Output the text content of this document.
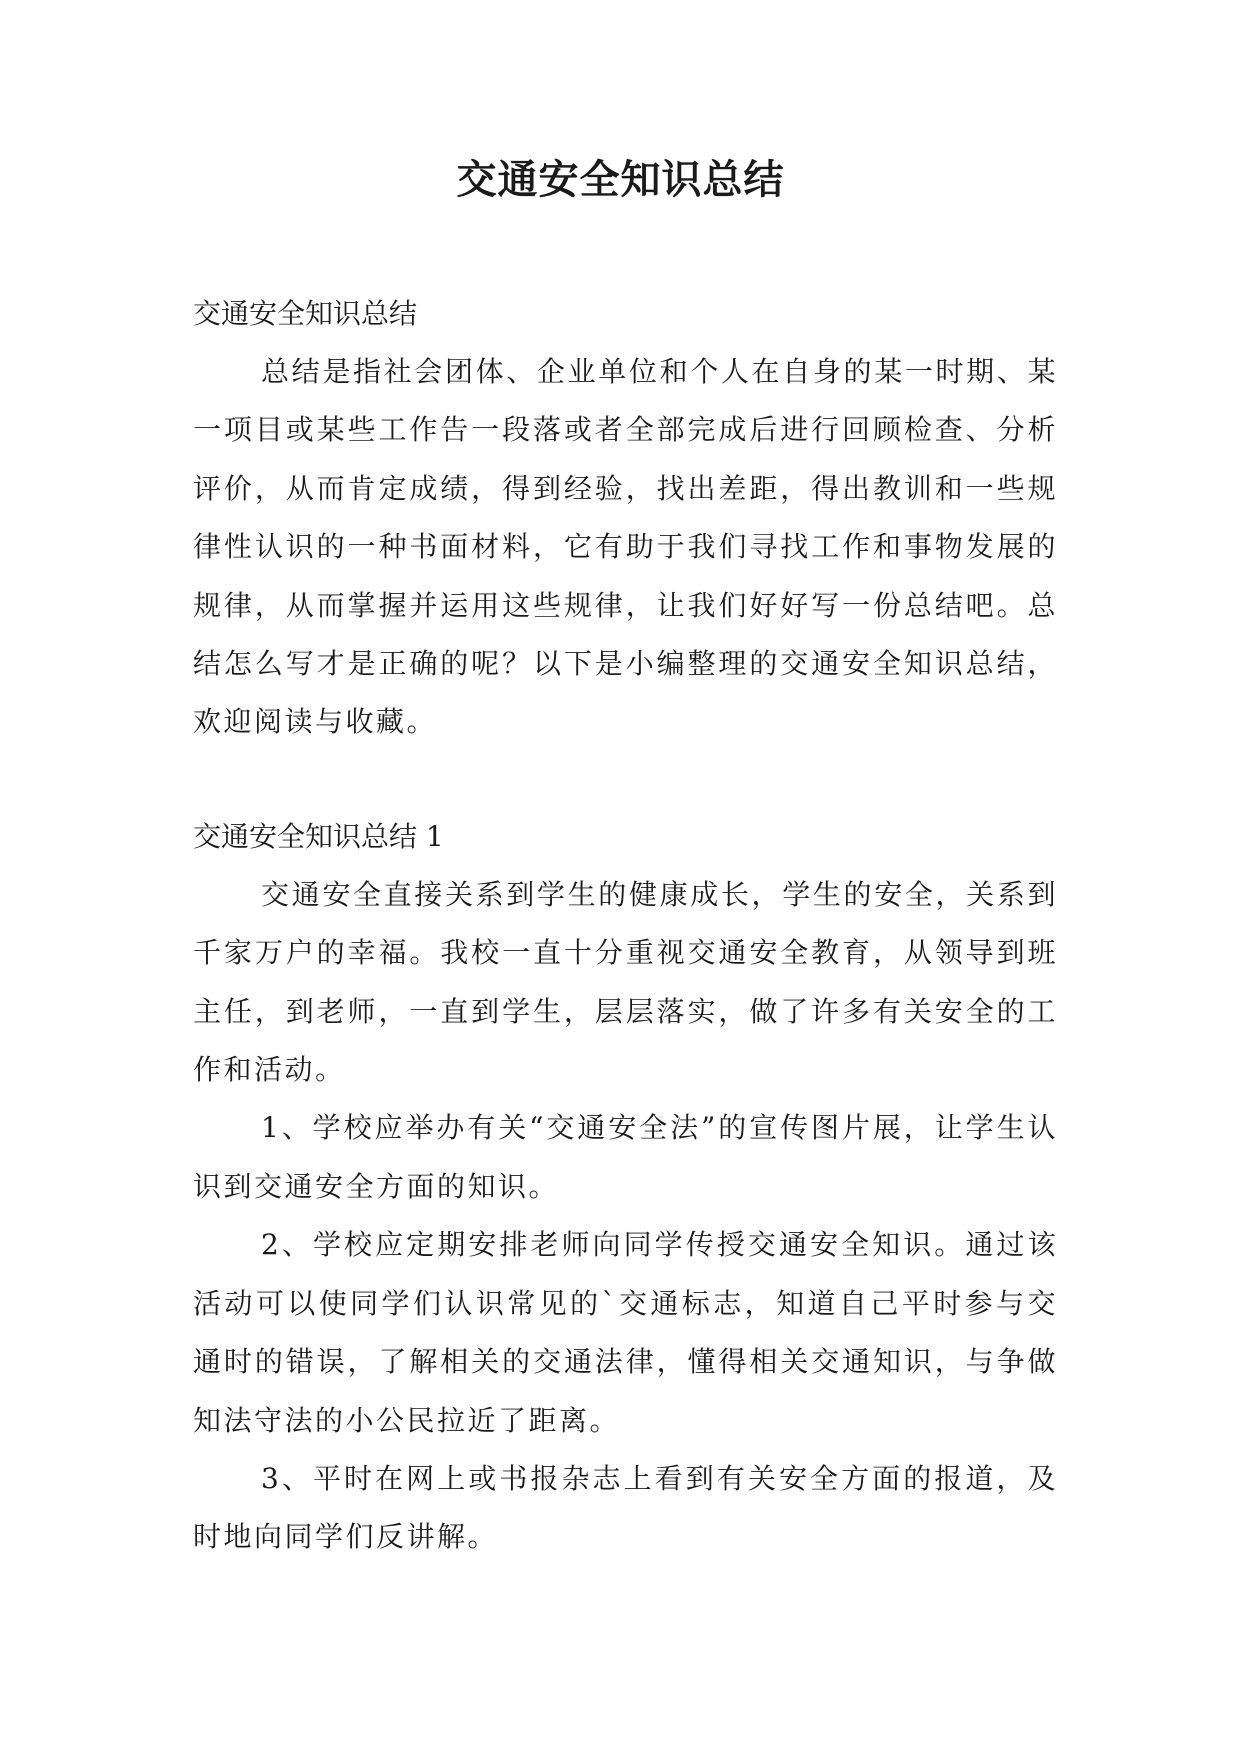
交通安全知识总结

交通安全知识总结

总结是指社会团体、企业单位和个人在自身的某一时期、某一项目或某些工作告一段落或者全部完成后进行回顾检查、分析评价，从而肯定成绩，得到经验，找出差距，得出教训和一些规律性认识的一种书面材料，它有助于我们寻找工作和事物发展的规律，从而掌握并运用这些规律，让我们好好写一份总结吧。总结怎么写才是正确的呢？以下是小编整理的交通安全知识总结，欢迎阅读与收藏。

交通安全知识总结 1

交通安全直接关系到学生的健康成长，学生的安全，关系到千家万户的幸福。我校一直十分重视交通安全教育，从领导到班主任，到老师，一直到学生，层层落实，做了许多有关安全的工作和活动。

1、学校应举办有关“交通安全法”的宣传图片展，让学生认识到交通安全方面的知识。

2、学校应定期安排老师向同学传授交通安全知识。通过该活动可以使同学们认识常见的`交通标志，知道自己平时参与交通时的错误，了解相关的交通法律，懂得相关交通知识，与争做知法守法的小公民拉近了距离。

3、平时在网上或书报杂志上看到有关安全方面的报道，及时地向同学们反讲解。
